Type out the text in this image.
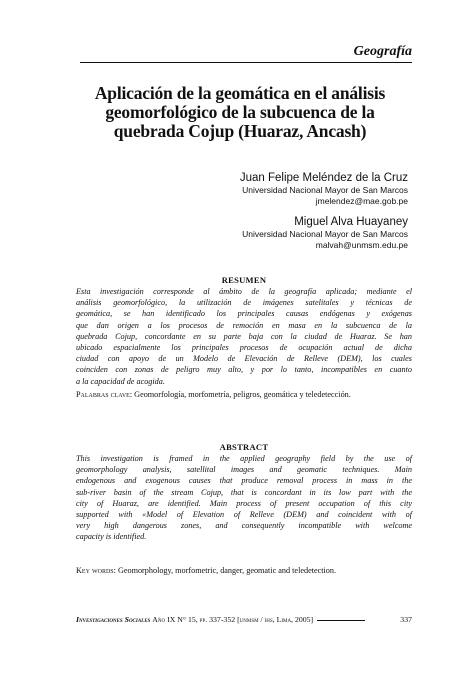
Geografía
Aplicación de la geomática en el análisis
geomorfológico de la subcuenca de la
quebrada Cojup (Huaraz, Ancash)
Juan Felipe Meléndez de la Cruz
Universidad Nacional Mayor de San Marcos
jmelendez@mae.gob.pe
Miguel Alva Huayaney
Universidad Nacional Mayor de San Marcos
malvah@unmsm.edu.pe
RESUMEN
Esta investigación corresponde al ámbito de la geografía aplicada; mediante el
análisis geomorfológico, la utilización de imágenes satelitales y técnicas de
geomática, se han identificado los principales causas endógenas y exógenas
que dan origen a los procesos de remoción en masa en la subcuenca de la
quebrada Cojup, concordante en su parte baja con la ciudad de Huaraz. Se han
ubicado espacialmente los principales procesos de ocupación actual de dicha
ciudad con apoyo de un Modelo de Elevación de Relleve (DEM), los cuales
coinciden con zonas de peligro muy alto, y por lo tanto, incompatibles en cuanto
a la capacidad de acogida.
Palabras clave: Geomorfología, morfometría, peligros, geomática y teledetección.
ABSTRACT
This investigation is framed in the applied geography field by the use of
geomorphology analysis, satellital images and geomatic techniques. Main
endogenous and exogenous causes that produce removal process in mass in the
sub-river basin of the stream Cojup, that is concordant in its low part with the
city of Huaraz, are identified. Main process of present occupation of this city
supported with «Model of Elevation of Relleve (DEM) and coincident with of
very high dangerous zones, and consequently incompatible with welcome
capacity is identified.
Key words: Geomorphology, morfometric, danger, geomatic and teledetection.
Investigaciones Sociales Año IX N° 15, pp. 337-352 [unmsm / ihs, Lima, 2005]	337
